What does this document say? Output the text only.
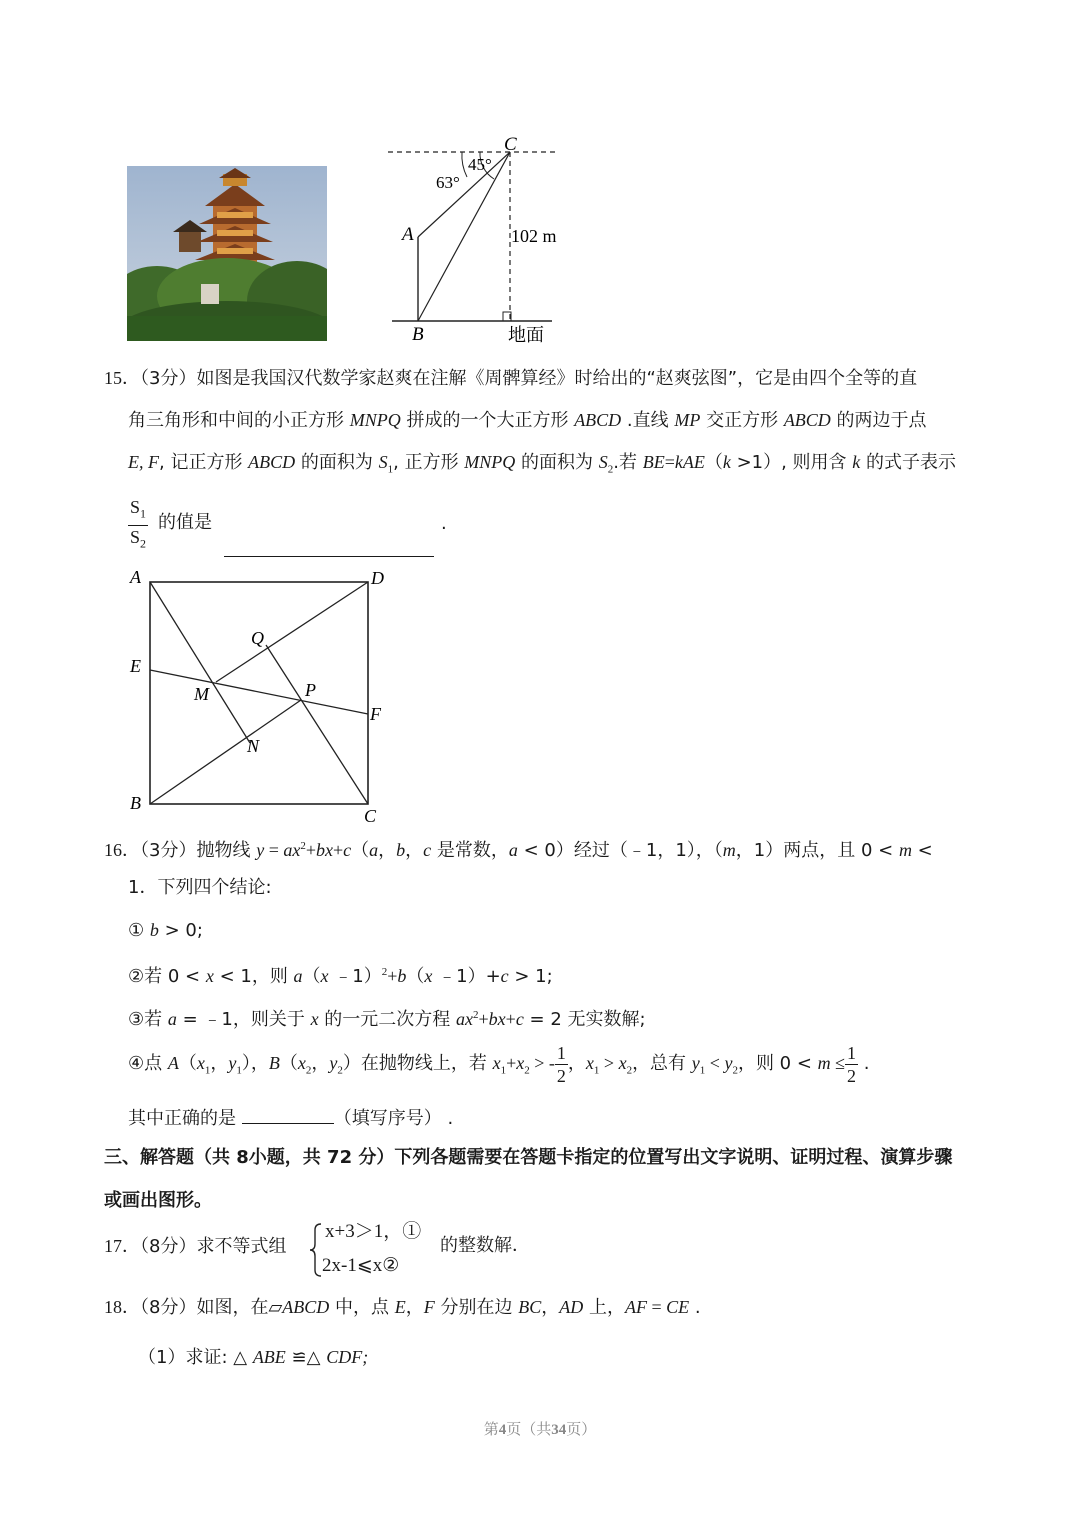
45°
63°
C
A
B
102 m
地面
15．（3分）如图是我国汉代数学家赵爽在注解《周髀算经》时给出的“赵爽弦图”，它是由四个全等的直
角三角形和中间的小正方形 MNPQ 拼成的一个大正方形 ABCD .直线 MP 交正方形 ABCD 的两边于点
E, F, 记正方形 ABCD 的面积为 $S_1$, 正方形 MNPQ 的面积为 $S_2$.若 BE=kAE（k >1）, 则用含 k 的式子表示
$\frac{S_1}{S_2}$ 的值是	.
A	D
E
Q
M	P
F
N
B
C
16．（3分）抛物线 $y = ax^2+bx+c(a$，b，c 是常数，a < 0）经过（﹣1，1），（m，1）两点，且 0 < m <
1．下列四个结论:
① b > 0;
②若 0 < x < 1，则 a（x ﹣1）$^2$+b（x ﹣1）+c > 1;
③若 a = ﹣1，则关于 x 的一元二次方程 $ax^2+bx+c = 2$ 无实数解;
④点 $A(x_1$，$y_1$），$B(x_2$，$y_2$）在抛物线上，若 $x_1+x_2$ > - $\frac{1}{2}$ ，$x_1 > x_2$，总有 $y_1 < y_2$，则 $0 < m \le \frac{1}{2}$ .
其中正确的是	（填写序号） .
三、解答题（共 8小题，共 72 分）下列各题需要在答题卡指定的位置写出文字说明、证明过程、演算步骤
或画出图形。
17．（8分）求不等式组
x+3＞1，①
2x-1⩽x②
的整数解．
18．（8分）如图，在▱ABCD 中，点 E，F 分别在边 BC，AD 上，AF = CE .
（1）求证: △ ABE ≌△ CDF;
第4页（共34页）
